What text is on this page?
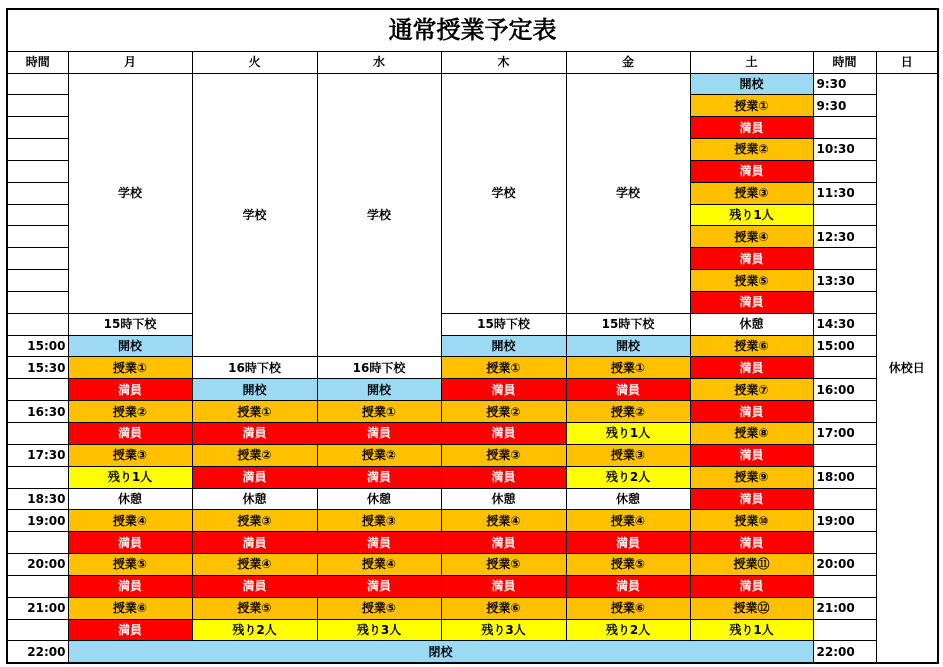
通常授業予定表								
時間	月	火	水	木	金	土	時間	日
	学校	学校	学校	学校	学校	開校	9:30	休校日
						授業①	9:30	
						満員		
						授業②	10:30	
						満員		
						授業③	11:30	
						残り1人		
						授業④	12:30	
						満員		
						授業⑤	13:30	
						満員		
	15時下校			15時下校	15時下校	休憩	14:30	
15:00	開校			開校	開校	授業⑥	15:00	
15:30	授業①	16時下校	16時下校	授業①	授業①	満員		
	満員	開校	開校	満員	満員	授業⑦	16:00	
16:30	授業②	授業①	授業①	授業②	授業②	満員		
	満員	満員	満員	満員	残り1人	授業⑧	17:00	
17:30	授業③	授業②	授業②	授業③	授業③	満員		
	残り1人	満員	満員	満員	残り2人	授業⑨	18:00	
18:30	休憩	休憩	休憩	休憩	休憩	満員		
19:00	授業④	授業③	授業③	授業④	授業④	授業⑩	19:00	
	満員	満員	満員	満員	満員	満員		
20:00	授業⑤	授業④	授業④	授業⑤	授業⑤	授業⑪	20:00	
	満員	満員	満員	満員	満員	満員		
21:00	授業⑥	授業⑤	授業⑤	授業⑥	授業⑥	授業⑫	21:00	
	満員	残り2人	残り3人	残り3人	残り2人	残り1人		
22:00	閉校						22:00	
